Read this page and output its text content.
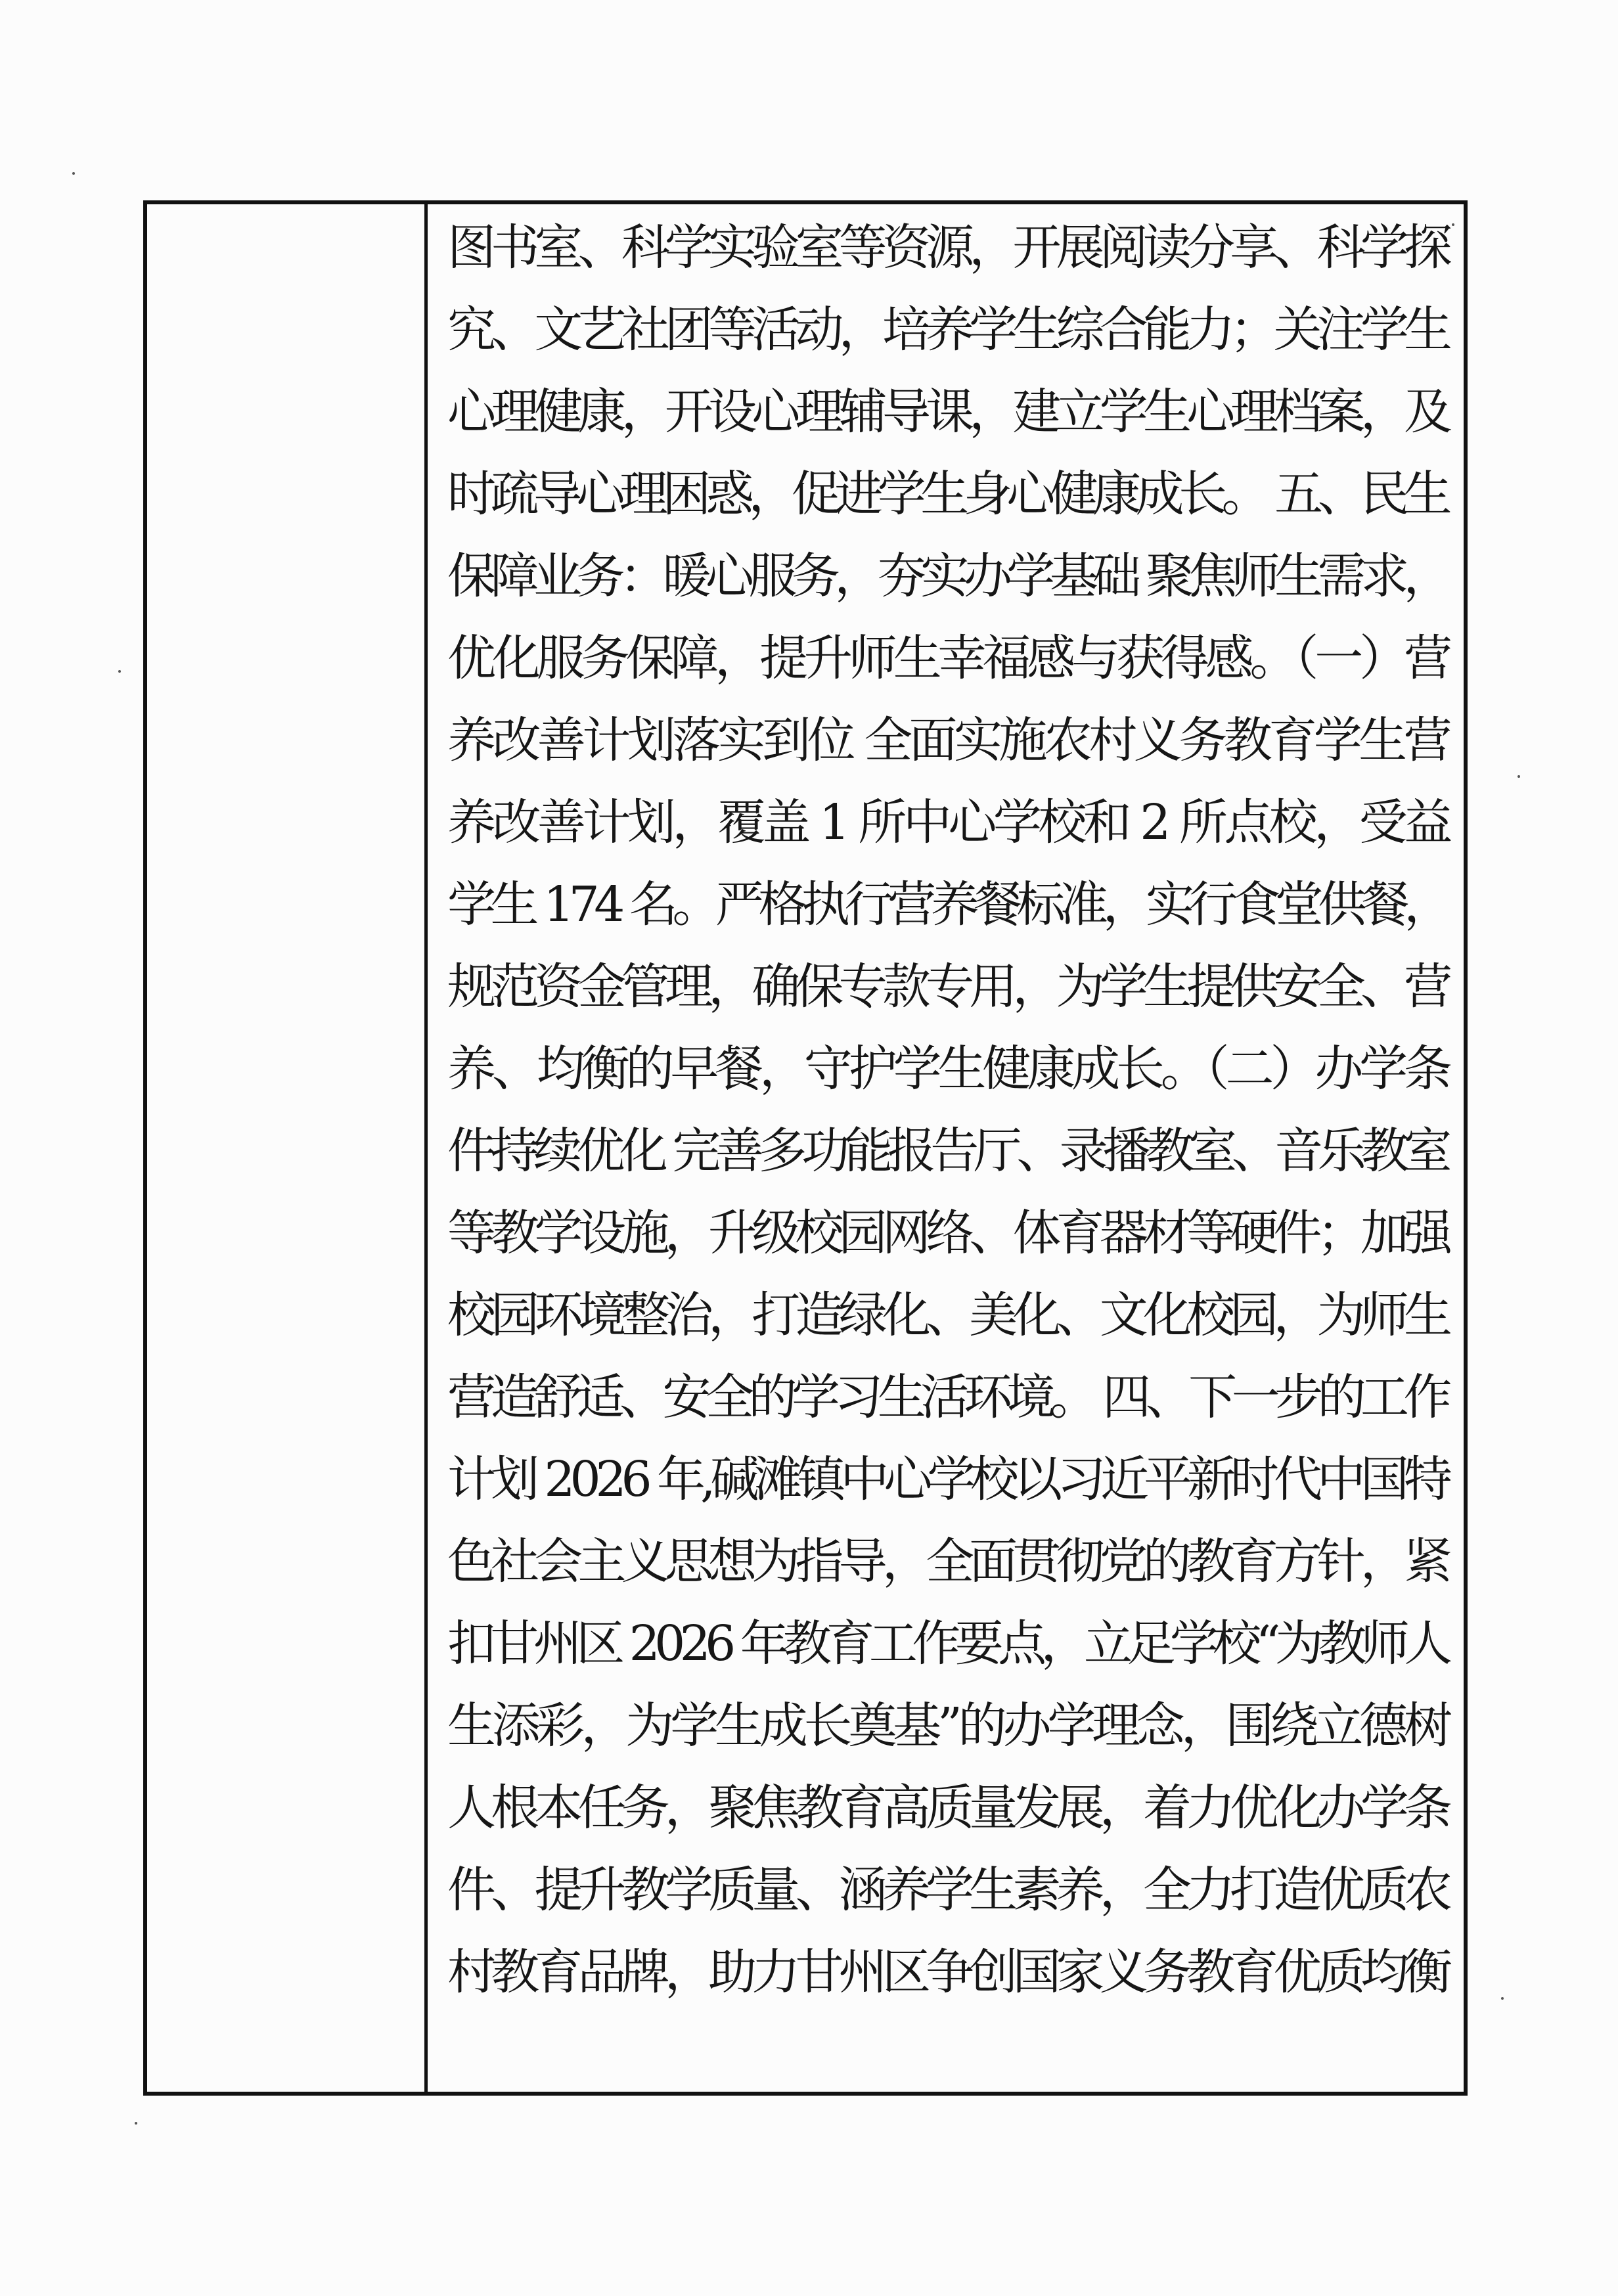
图书室、科学实验室等资源，开展阅读分享、科学探
究、文艺社团等活动，培养学生综合能力；关注学生
心理健康，开设心理辅导课，建立学生心理档案，及
时疏导心理困惑，促进学生身心健康成长。 五、民生
保障业务：暖心服务，夯实办学基础 聚焦师生需求，
优化服务保障，提升师生幸福感与获得感。（一）营
养改善计划落实到位 全面实施农村义务教育学生营
养改善计划，覆盖 1 所中心学校和 2 所点校，受益
学生 174 名。严格执行营养餐标准，实行食堂供餐，
规范资金管理，确保专款专用，为学生提供安全、营
养、均衡的早餐，守护学生健康成长。（二）办学条
件持续优化 完善多功能报告厅、录播教室、音乐教室
等教学设施，升级校园网络、体育器材等硬件；加强
校园环境整治，打造绿化、美化、文化校园，为师生
营造舒适、安全的学习生活环境。 四、下一步的工作
计划 2026 年,碱滩镇中心学校以习近平新时代中国特
色社会主义思想为指导，全面贯彻党的教育方针，紧
扣甘州区 2026 年教育工作要点，立足学校“为教师人
生添彩，为学生成长奠基”的办学理念，围绕立德树
人根本任务，聚焦教育高质量发展，着力优化办学条
件、提升教学质量、涵养学生素养，全力打造优质农
村教育品牌，助力甘州区争创国家义务教育优质均衡
